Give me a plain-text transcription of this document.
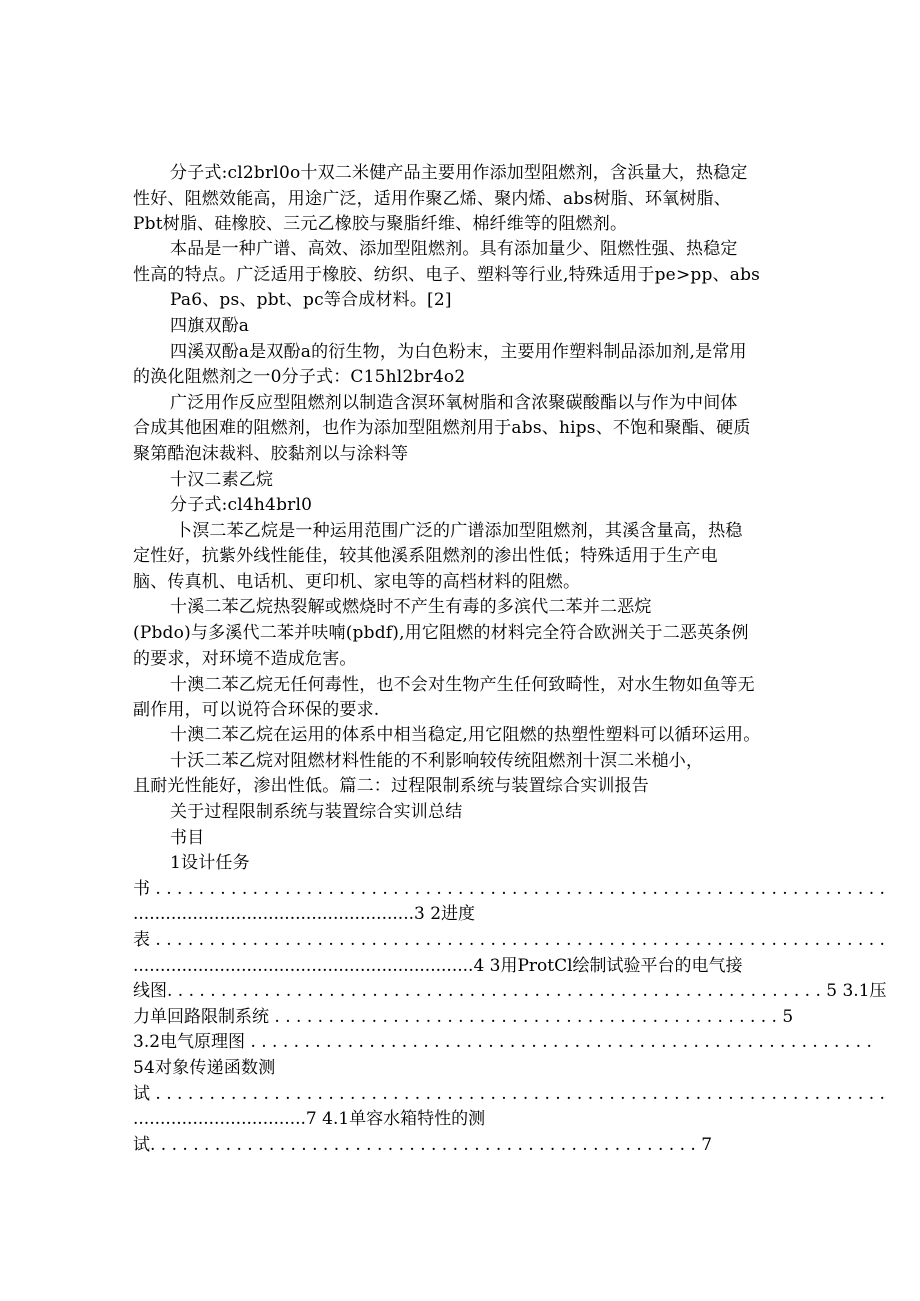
分子式:cl2brl0o十双二米健产品主要用作添加型阻燃剂，含浜量大，热稳定
性好、阻燃效能高，用途广泛，适用作聚乙烯、聚内烯、abs树脂、环氧树脂、
Pbt树脂、硅橡胶、三元乙橡胶与聚脂纤维、棉纤维等的阻燃剂。
本品是一种广谱、高效、添加型阻燃剂。具有添加量少、阻燃性强、热稳定
性高的特点。广泛适用于橡胶、纺织、电子、塑料等行业,特殊适用于pe>pp、abs
Pa6、ps、pbt、pc等合成材料。[2]
四旗双酚a
四溪双酚a是双酚a的衍生物，为白色粉末，主要用作塑料制品添加剂,是常用
的涣化阻燃剂之一0分子式：C15hl2br4o2
广泛用作反应型阻燃剂以制造含溟环氧树脂和含浓聚碳酸酯以与作为中间体
合成其他困难的阻燃剂，也作为添加型阻燃剂用于abs、hips、不饱和聚酯、硬质
聚第酷泡沫裁料、胶黏剂以与涂料等
十汉二素乙烷
分子式:cl4h4brl0
卜溟二苯乙烷是一种运用范围广泛的广谱添加型阻燃剂，其溪含量高，热稳
定性好，抗紫外线性能佳，较其他溪系阻燃剂的渗出性低；特殊适用于生产电
脑、传真机、电话机、更印机、家电等的高档材料的阻燃。
十溪二苯乙烷热裂解或燃烧时不产生有毒的多滨代二苯并二恶烷
(Pbdo)与多溪代二苯并呋喃(pbdf),用它阻燃的材料完全符合欧洲关于二恶英条例
的要求，对环境不造成危害。
十澳二苯乙烷无任何毒性，也不会对生物产生任何致畸性，对水生物如鱼等无
副作用，可以说符合环保的要求.
十澳二苯乙烷在运用的体系中相当稳定,用它阻燃的热塑性塑料可以循环运用。
十沃二苯乙烷对阻燃材料性能的不利影响较传统阻燃剂十溟二米槌小，
且耐光性能好，渗出性低。篇二：过程限制系统与装置综合实训报告
关于过程限制系统与装置综合实训总结
书目
1设计任务
书 . . . . . . . . . . . . . . . . . . . . . . . . . . . . . . . . . . . . . . . . . . . . . . . . . . . . . . . . . . . . . . . . . . . .
....................................................3 2进度
表 . . . . . . . . . . . . . . . . . . . . . . . . . . . . . . . . . . . . . . . . . . . . . . . . . . . . . . . . . . . . . . . . . . . .
...............................................................4 3用ProtCl绘制试验平台的电气接
线图. . . . . . . . . . . . . . . . . . . . . . . . . . . . . . . . . . . . . . . . . . . . . . . . . . . . . . . . . . . . . 5 3.1压
力单回路限制系统 . . . . . . . . . . . . . . . . . . . . . . . . . . . . . . . . . . . . . . . . . . . . . . . 5
3.2电气原理图 . . . . . . . . . . . . . . . . . . . . . . . . . . . . . . . . . . . . . . . . . . . . . . . . . . . . . . . . . .
54对象传递函数测
试 . . . . . . . . . . . . . . . . . . . . . . . . . . . . . . . . . . . . . . . . . . . . . . . . . . . . . . . . . . . . . . . . . . . .
................................7 4.1单容水箱特性的测
试. . . . . . . . . . . . . . . . . . . . . . . . . . . . . . . . . . . . . . . . . . . . . . . . . . . 7
